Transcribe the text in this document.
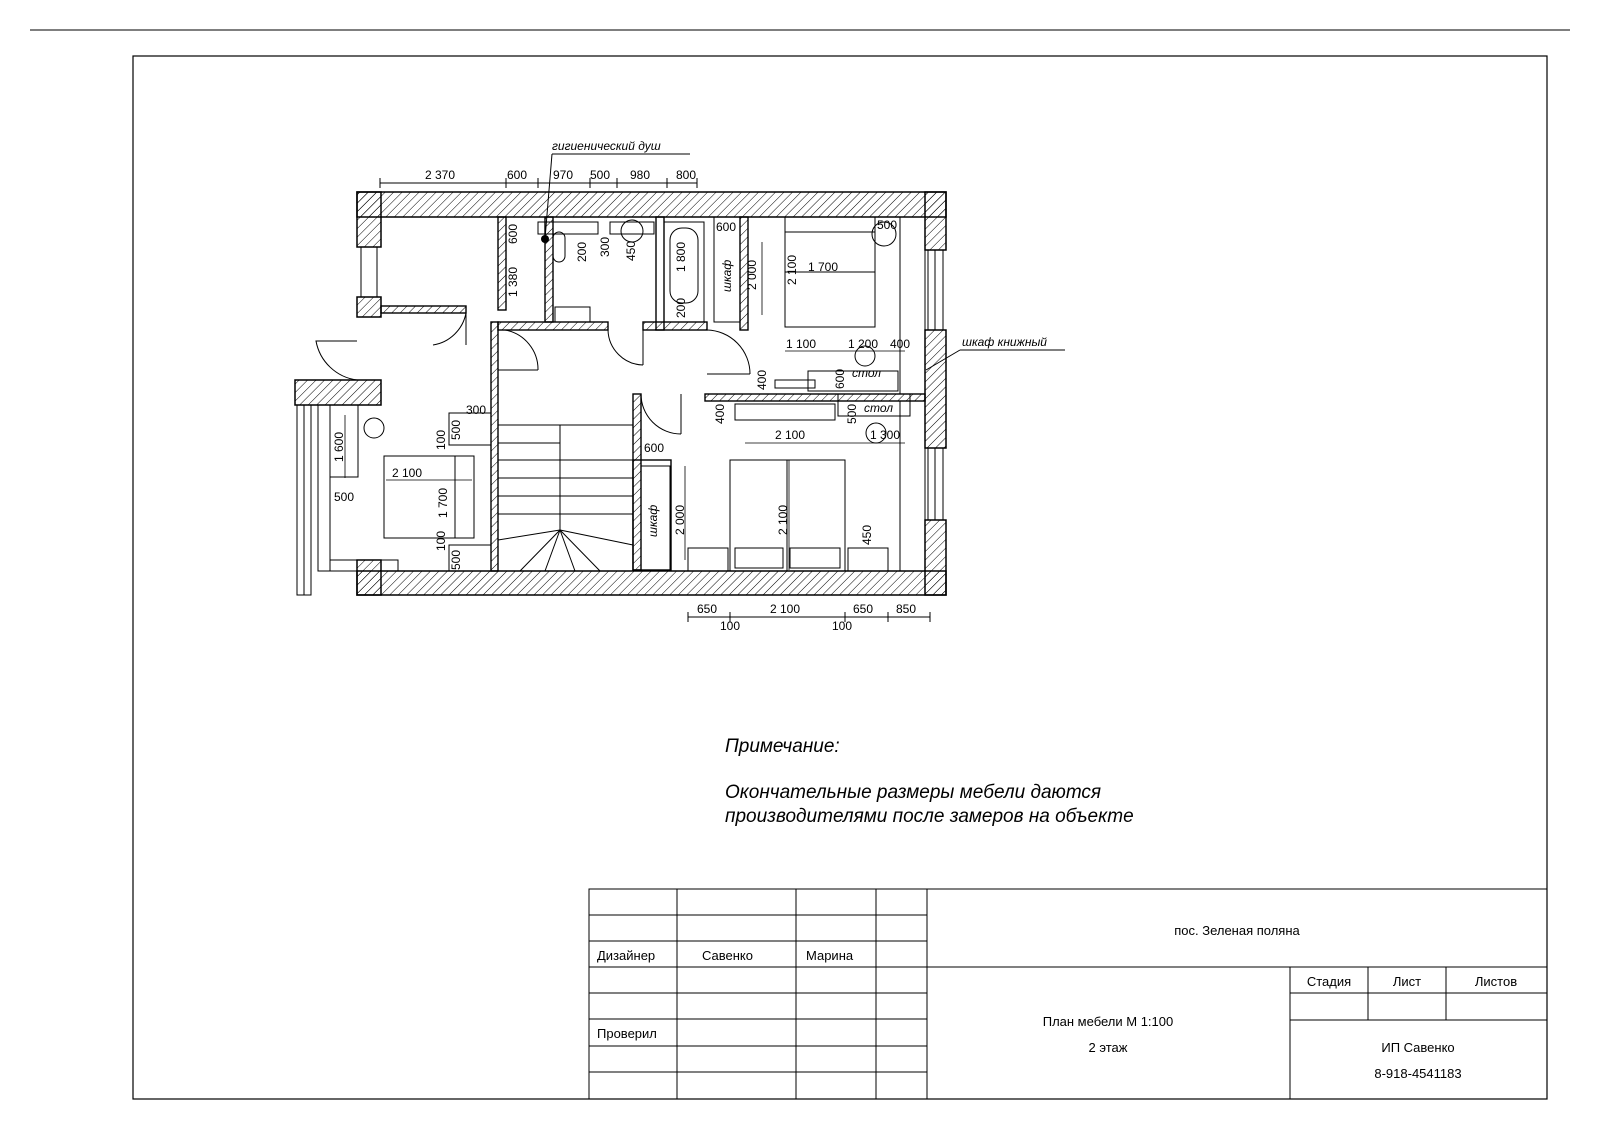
гигиенический душ
шкаф книжный
шкаф
шкаф
стол
стол
2 370	600 970 500 980 800
650	2 100	650 850
100	100
600
1 380
200 300 450	1 800
200
600
2 000 2 100 1 700
500
1 100	1 200 400
400	600
400	500
2 100	1 300
600
2 000	2 100	450
300
1 600	100 500
2 100
1 700
500
100
500
Примечание:
Окончательные размеры мебели даются
производителями после замеров на объекте
Дизайнер	Савенко	Марина
Проверил
пос. Зеленая поляна
План мебели М 1:100
2 этаж
Стадия	Лист	Листов
ИП Савенко
8-918-4541183
